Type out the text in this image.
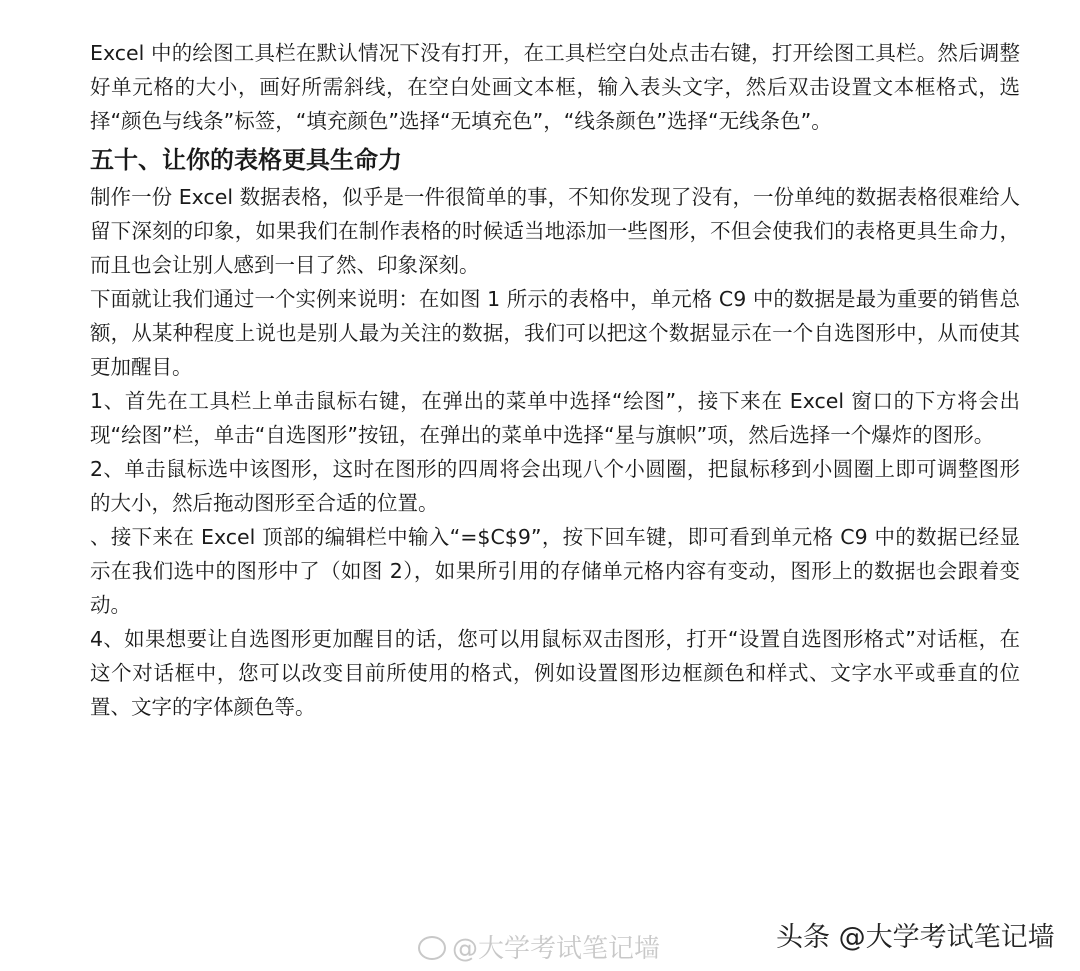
Excel 中的绘图工具栏在默认情况下没有打开，在工具栏空白处点击右键，打开绘图工具栏。然后调整好单元格的大小，画好所需斜线，在空白处画文本框，输入表头文字，然后双击设置文本框格式，选择“颜色与线条”标签，“填充颜色”选择“无填充色”，“线条颜色”选择“无线条色”。

五十、让你的表格更具生命力

制作一份 Excel 数据表格，似乎是一件很简单的事，不知你发现了没有，一份单纯的数据表格很难给人留下深刻的印象，如果我们在制作表格的时候适当地添加一些图形，不但会使我们的表格更具生命力，而且也会让别人感到一目了然、印象深刻。

下面就让我们通过一个实例来说明：在如图 1 所示的表格中，单元格 C9 中的数据是最为重要的销售总额，从某种程度上说也是别人最为关注的数据，我们可以把这个数据显示在一个自选图形中，从而使其更加醒目。

1、首先在工具栏上单击鼠标右键，在弹出的菜单中选择“绘图”，接下来在 Excel 窗口的下方将会出现“绘图”栏，单击“自选图形”按钮，在弹出的菜单中选择“星与旗帜”项，然后选择一个爆炸的图形。

2、单击鼠标选中该图形，这时在图形的四周将会出现八个小圆圈，把鼠标移到小圆圈上即可调整图形的大小，然后拖动图形至合适的位置。

、接下来在 Excel 顶部的编辑栏中输入“=$C$9”，按下回车键，即可看到单元格 C9 中的数据已经显示在我们选中的图形中了（如图 2），如果所引用的存储单元格内容有变动，图形上的数据也会跟着变动。

4、如果想要让自选图形更加醒目的话，您可以用鼠标双击图形，打开“设置自选图形格式”对话框，在这个对话框中，您可以改变目前所使用的格式，例如设置图形边框颜色和样式、文字水平或垂直的位置、文字的字体颜色等。

@大学考试笔记墙	头条 @大学考试笔记墙
